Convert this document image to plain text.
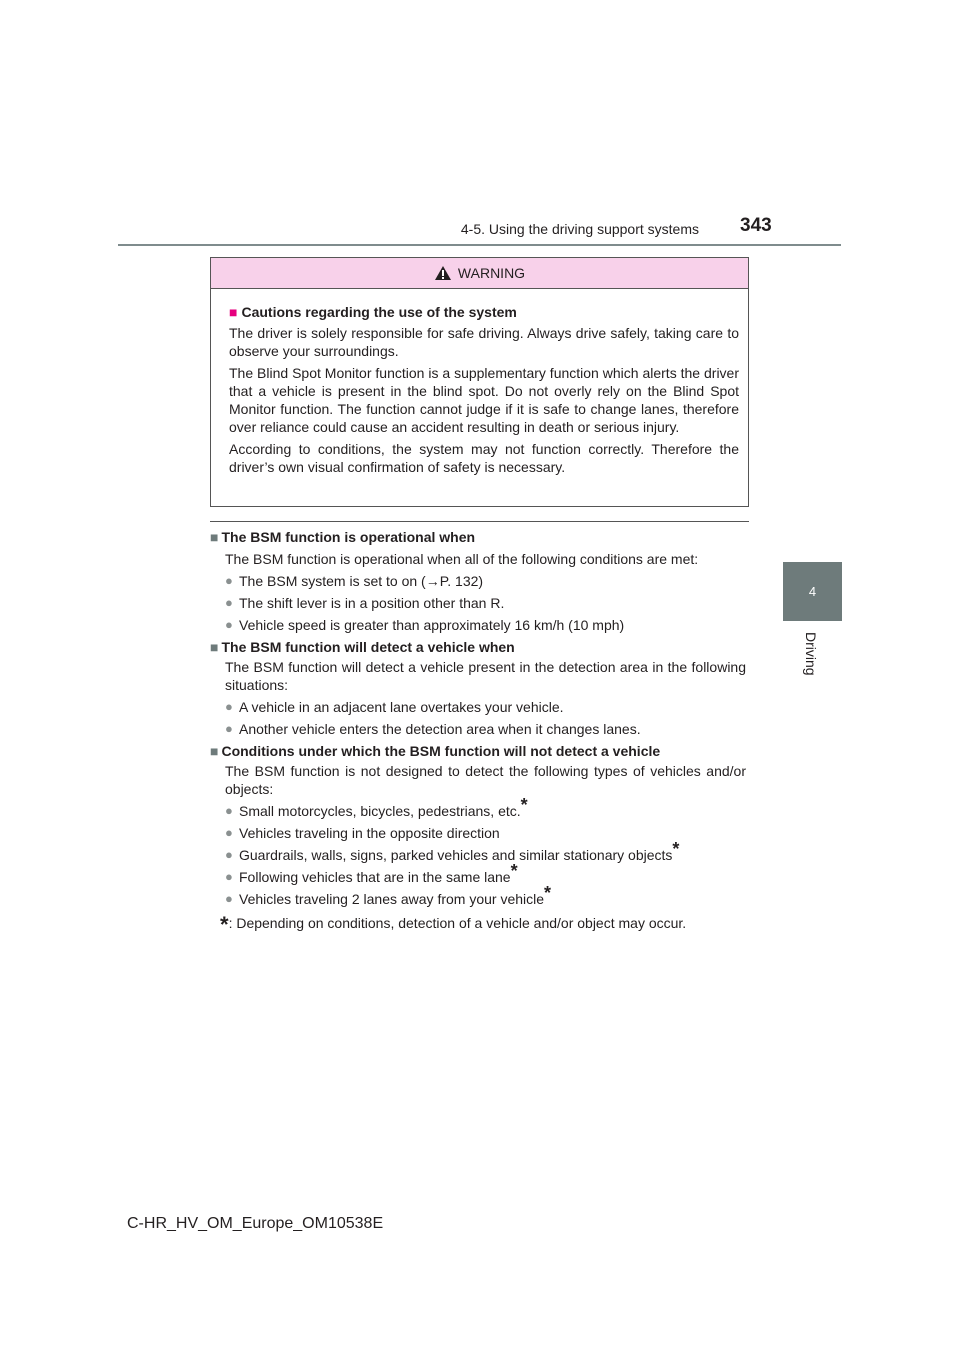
4-5. Using the driving support systems 343
4
Driving
WARNING
■ Cautions regarding the use of the system

The driver is solely responsible for safe driving. Always drive safely, taking care to observe your surroundings.

The Blind Spot Monitor function is a supplementary function which alerts the driver that a vehicle is present in the blind spot. Do not overly rely on the Blind Spot Monitor function. The function cannot judge if it is safe to change lanes, therefore over reliance could cause an accident resulting in death or serious injury.

According to conditions, the system may not function correctly. Therefore the driver’s own visual confirmation of safety is necessary.

■ The BSM function is operational when

The BSM function is operational when all of the following conditions are met:

● The BSM system is set to on (→P. 132)
● The shift lever is in a position other than R.
● Vehicle speed is greater than approximately 16 km/h (10 mph)

■ The BSM function will detect a vehicle when

The BSM function will detect a vehicle present in the detection area in the following situations:

● A vehicle in an adjacent lane overtakes your vehicle.
● Another vehicle enters the detection area when it changes lanes.

■ Conditions under which the BSM function will not detect a vehicle

The BSM function is not designed to detect the following types of vehicles and/or objects:

● Small motorcycles, bicycles, pedestrians, etc.*
● Vehicles traveling in the opposite direction
● Guardrails, walls, signs, parked vehicles and similar stationary objects*
● Following vehicles that are in the same lane*
● Vehicles traveling 2 lanes away from your vehicle*
*: Depending on conditions, detection of a vehicle and/or object may occur.
C-HR_HV_OM_Europe_OM10538E
